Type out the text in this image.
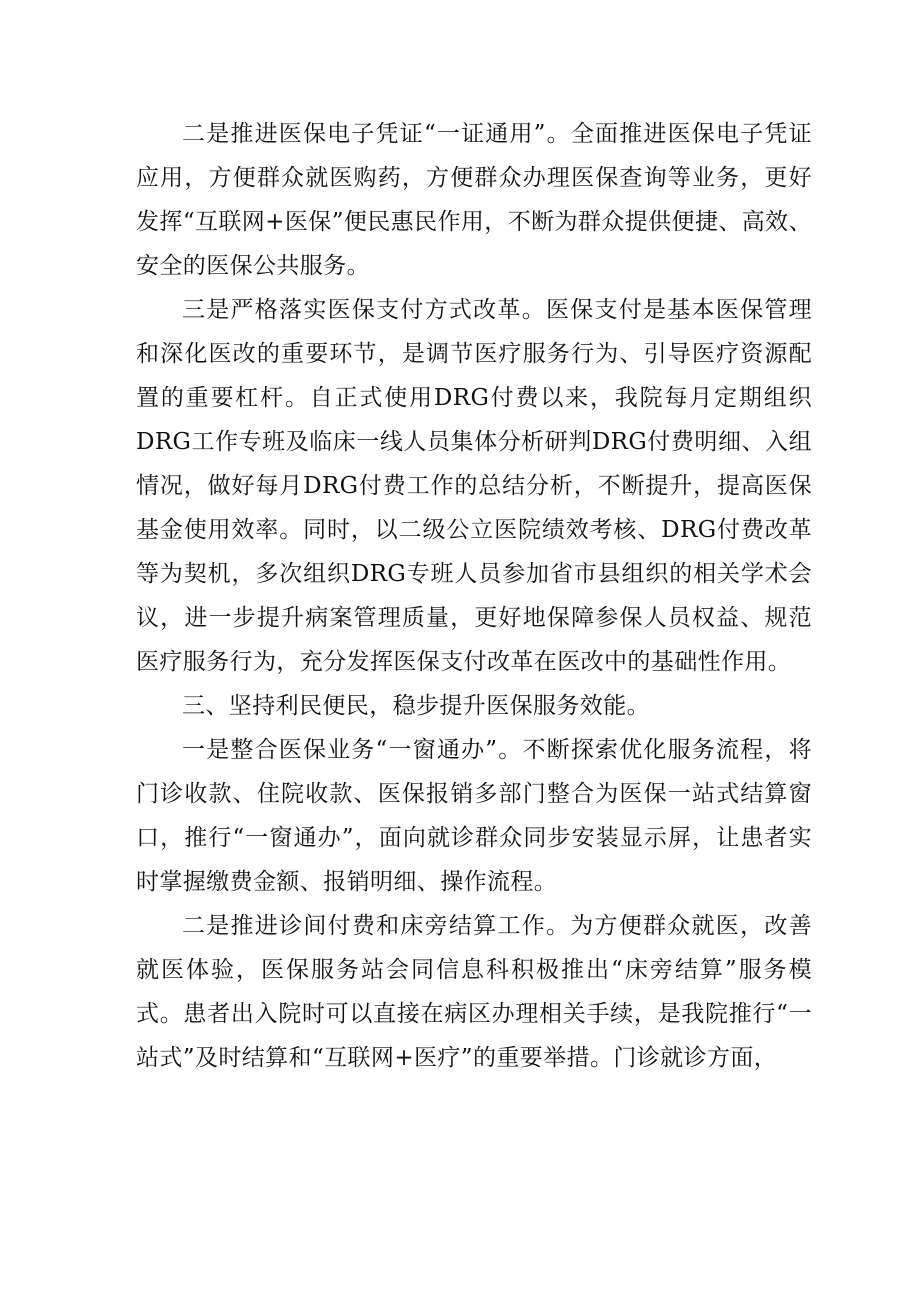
二是推进医保电子凭证“一证通用”。全面推进医保电子凭证应用，方便群众就医购药，方便群众办理医保查询等业务，更好发挥“互联网+医保”便民惠民作用，不断为群众提供便捷、高效、安全的医保公共服务。

三是严格落实医保支付方式改革。医保支付是基本医保管理和深化医改的重要环节，是调节医疗服务行为、引导医疗资源配置的重要杠杆。自正式使用DRG付费以来，我院每月定期组织DRG工作专班及临床一线人员集体分析研判DRG付费明细、入组情况，做好每月DRG付费工作的总结分析，不断提升，提高医保基金使用效率。同时，以二级公立医院绩效考核、DRG付费改革等为契机，多次组织DRG专班人员参加省市县组织的相关学术会议，进一步提升病案管理质量，更好地保障参保人员权益、规范医疗服务行为，充分发挥医保支付改革在医改中的基础性作用。

三、坚持利民便民，稳步提升医保服务效能。

一是整合医保业务“一窗通办”。不断探索优化服务流程，将门诊收款、住院收款、医保报销多部门整合为医保一站式结算窗口，推行“一窗通办”，面向就诊群众同步安装显示屏，让患者实时掌握缴费金额、报销明细、操作流程。

二是推进诊间付费和床旁结算工作。为方便群众就医，改善就医体验，医保服务站会同信息科积极推出“床旁结算”服务模式。患者出入院时可以直接在病区办理相关手续，是我院推行“一站式”及时结算和“互联网+医疗”的重要举措。门诊就诊方面，
